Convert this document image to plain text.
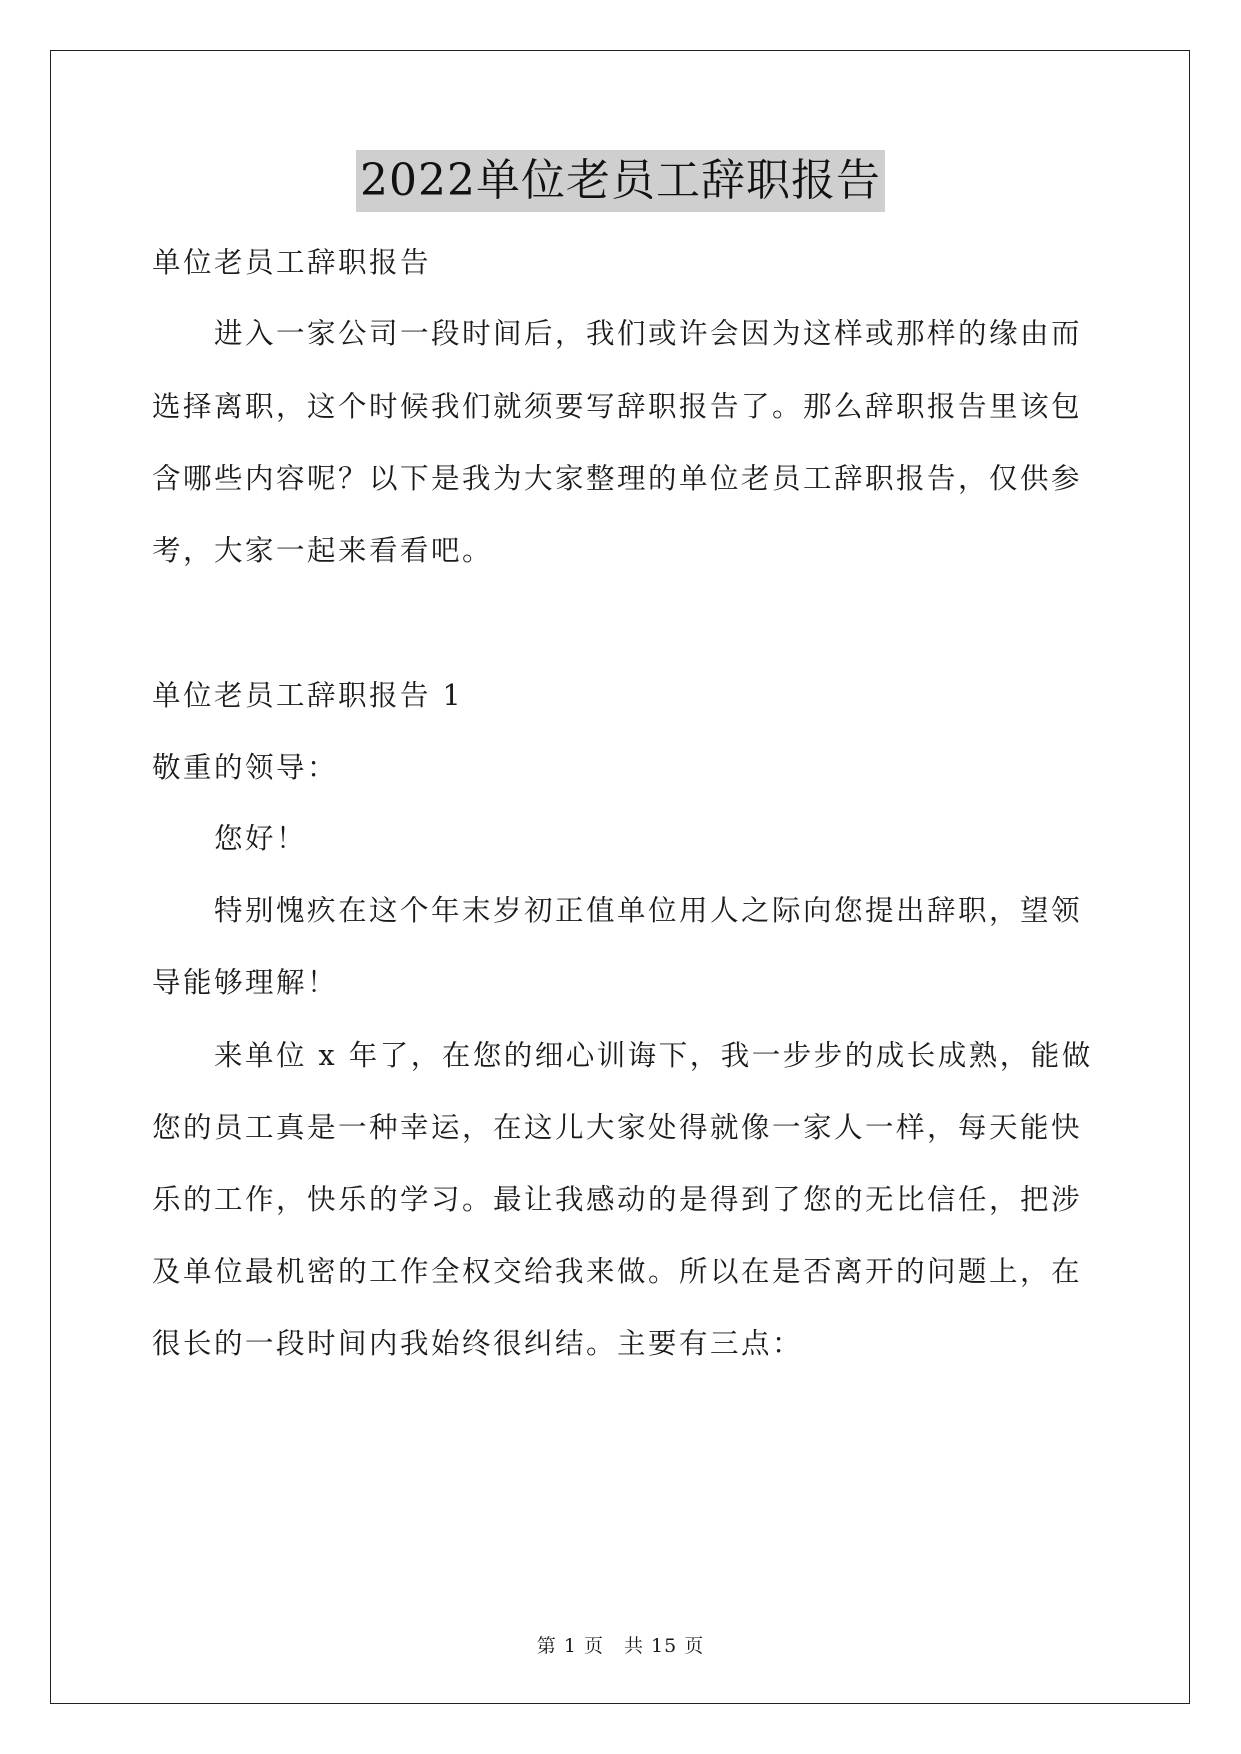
2022单位老员工辞职报告
单位老员工辞职报告
进入一家公司一段时间后，我们或许会因为这样或那样的缘由而
选择离职，这个时候我们就须要写辞职报告了。那么辞职报告里该包
含哪些内容呢？以下是我为大家整理的单位老员工辞职报告，仅供参
考，大家一起来看看吧。
单位老员工辞职报告 1
敬重的领导：
您好！
特别愧疚在这个年末岁初正值单位用人之际向您提出辞职，望领
导能够理解！
来单位 x 年了，在您的细心训诲下，我一步步的成长成熟，能做
您的员工真是一种幸运，在这儿大家处得就像一家人一样，每天能快
乐的工作，快乐的学习。最让我感动的是得到了您的无比信任，把涉
及单位最机密的工作全权交给我来做。所以在是否离开的问题上，在
很长的一段时间内我始终很纠结。主要有三点：
第 1 页 共 15 页
